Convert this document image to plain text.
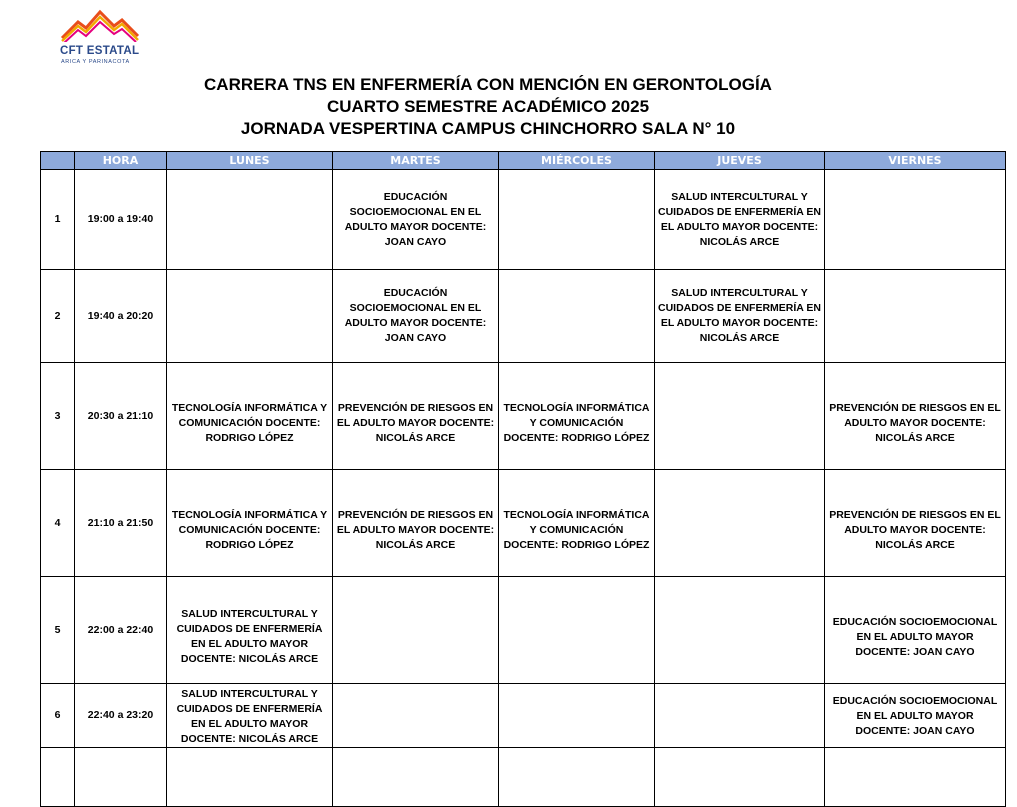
CFT ESTATAL
ARICA Y PARINACOTA
CARRERA TNS EN ENFERMERÍA CON MENCIÓN EN GERONTOLOGÍA
CUARTO SEMESTRE ACADÉMICO 2025
JORNADA VESPERTINA CAMPUS CHINCHORRO SALA N° 10
	HORA	LUNES	MARTES	MIÉRCOLES	JUEVES	VIERNES
1	19:00 a 19:40		EDUCACIÓN SOCIOEMOCIONAL EN EL ADULTO MAYOR DOCENTE: JOAN CAYO		SALUD INTERCULTURAL Y CUIDADOS DE ENFERMERÍA EN EL ADULTO MAYOR DOCENTE: NICOLÁS ARCE	
2	19:40 a 20:20		EDUCACIÓN SOCIOEMOCIONAL EN EL ADULTO MAYOR DOCENTE: JOAN CAYO		SALUD INTERCULTURAL Y CUIDADOS DE ENFERMERÍA EN EL ADULTO MAYOR DOCENTE: NICOLÁS ARCE	
3	20:30 a 21:10	TECNOLOGÍA INFORMÁTICA Y COMUNICACIÓN DOCENTE: RODRIGO LÓPEZ	PREVENCIÓN DE RIESGOS EN EL ADULTO MAYOR DOCENTE: NICOLÁS ARCE	TECNOLOGÍA INFORMÁTICA Y COMUNICACIÓN DOCENTE: RODRIGO LÓPEZ		PREVENCIÓN DE RIESGOS EN EL ADULTO MAYOR DOCENTE: NICOLÁS ARCE
4	21:10 a 21:50	TECNOLOGÍA INFORMÁTICA Y COMUNICACIÓN DOCENTE: RODRIGO LÓPEZ	PREVENCIÓN DE RIESGOS EN EL ADULTO MAYOR DOCENTE: NICOLÁS ARCE	TECNOLOGÍA INFORMÁTICA Y COMUNICACIÓN DOCENTE: RODRIGO LÓPEZ		PREVENCIÓN DE RIESGOS EN EL ADULTO MAYOR DOCENTE: NICOLÁS ARCE
5	22:00 a 22:40	SALUD INTERCULTURAL Y CUIDADOS DE ENFERMERÍA EN EL ADULTO MAYOR DOCENTE: NICOLÁS ARCE				EDUCACIÓN SOCIOEMOCIONAL EN EL ADULTO MAYOR DOCENTE: JOAN CAYO
6	22:40 a 23:20	SALUD INTERCULTURAL Y CUIDADOS DE ENFERMERÍA EN EL ADULTO MAYOR DOCENTE: NICOLÁS ARCE				EDUCACIÓN SOCIOEMOCIONAL EN EL ADULTO MAYOR DOCENTE: JOAN CAYO
